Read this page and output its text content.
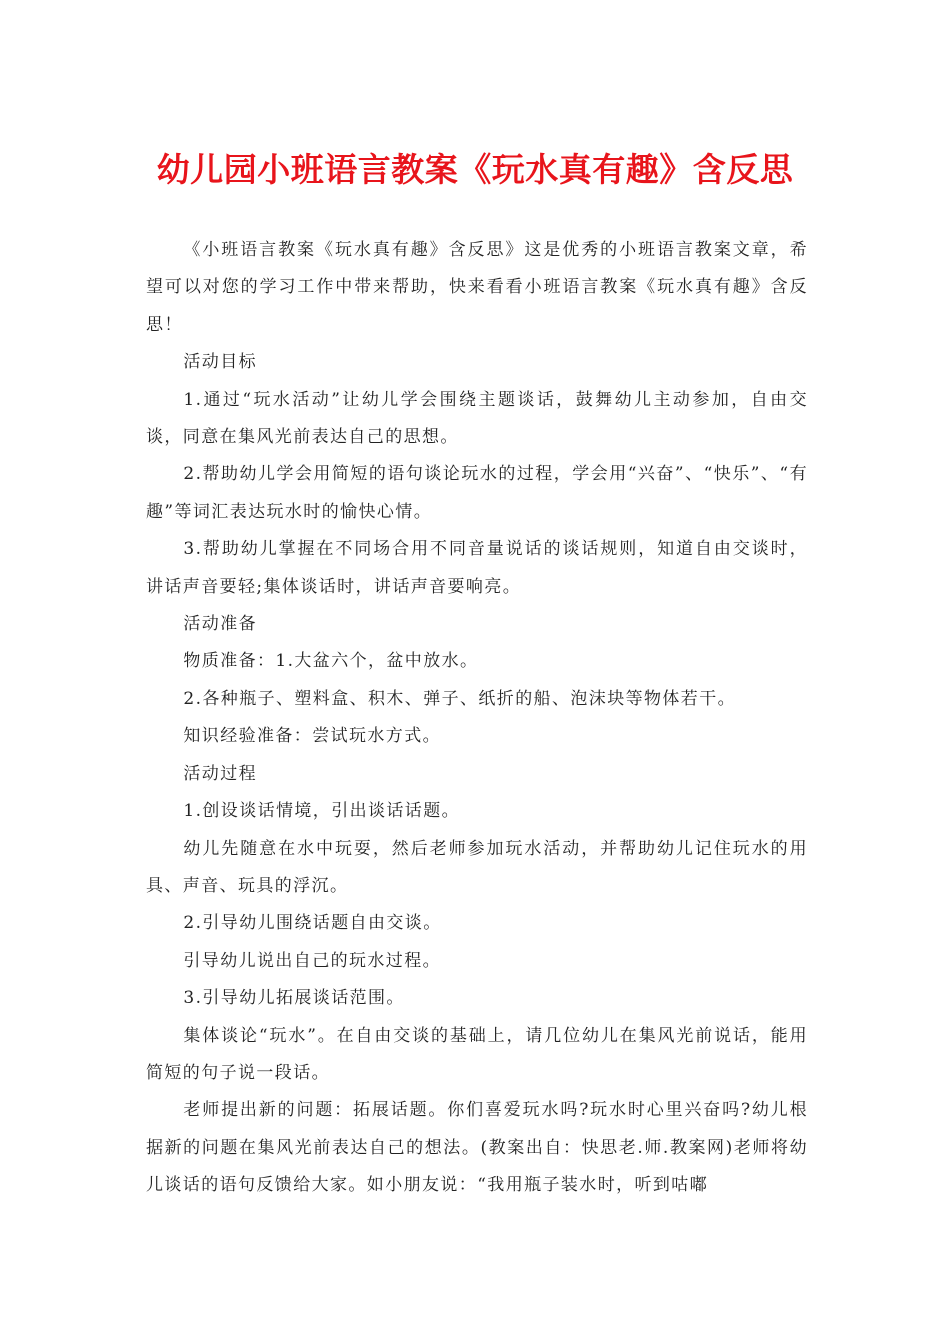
幼儿园小班语言教案《玩水真有趣》含反思

《小班语言教案《玩水真有趣》含反思》这是优秀的小班语言教案文章，希望可以对您的学习工作中带来帮助，快来看看小班语言教案《玩水真有趣》含反思！

活动目标

1.通过“玩水活动”让幼儿学会围绕主题谈话，鼓舞幼儿主动参加，自由交谈，同意在集风光前表达自己的思想。

2.帮助幼儿学会用简短的语句谈论玩水的过程，学会用“兴奋”、“快乐”、“有趣”等词汇表达玩水时的愉快心情。

3.帮助幼儿掌握在不同场合用不同音量说话的谈话规则，知道自由交谈时，讲话声音要轻;集体谈话时，讲话声音要响亮。

活动准备

物质准备：1.大盆六个，盆中放水。

2.各种瓶子、塑料盒、积木、弹子、纸折的船、泡沫块等物体若干。

知识经验准备：尝试玩水方式。

活动过程

1.创设谈话情境，引出谈话话题。

幼儿先随意在水中玩耍，然后老师参加玩水活动，并帮助幼儿记住玩水的用具、声音、玩具的浮沉。

2.引导幼儿围绕话题自由交谈。

引导幼儿说出自己的玩水过程。

3.引导幼儿拓展谈话范围。

集体谈论“玩水”。在自由交谈的基础上，请几位幼儿在集风光前说话，能用简短的句子说一段话。

老师提出新的问题：拓展话题。你们喜爱玩水吗?玩水时心里兴奋吗?幼儿根据新的问题在集风光前表达自己的想法。(教案出自：快思老.师.教案网)老师将幼儿谈话的语句反馈给大家。如小朋友说：“我用瓶子装水时，听到咕嘟
